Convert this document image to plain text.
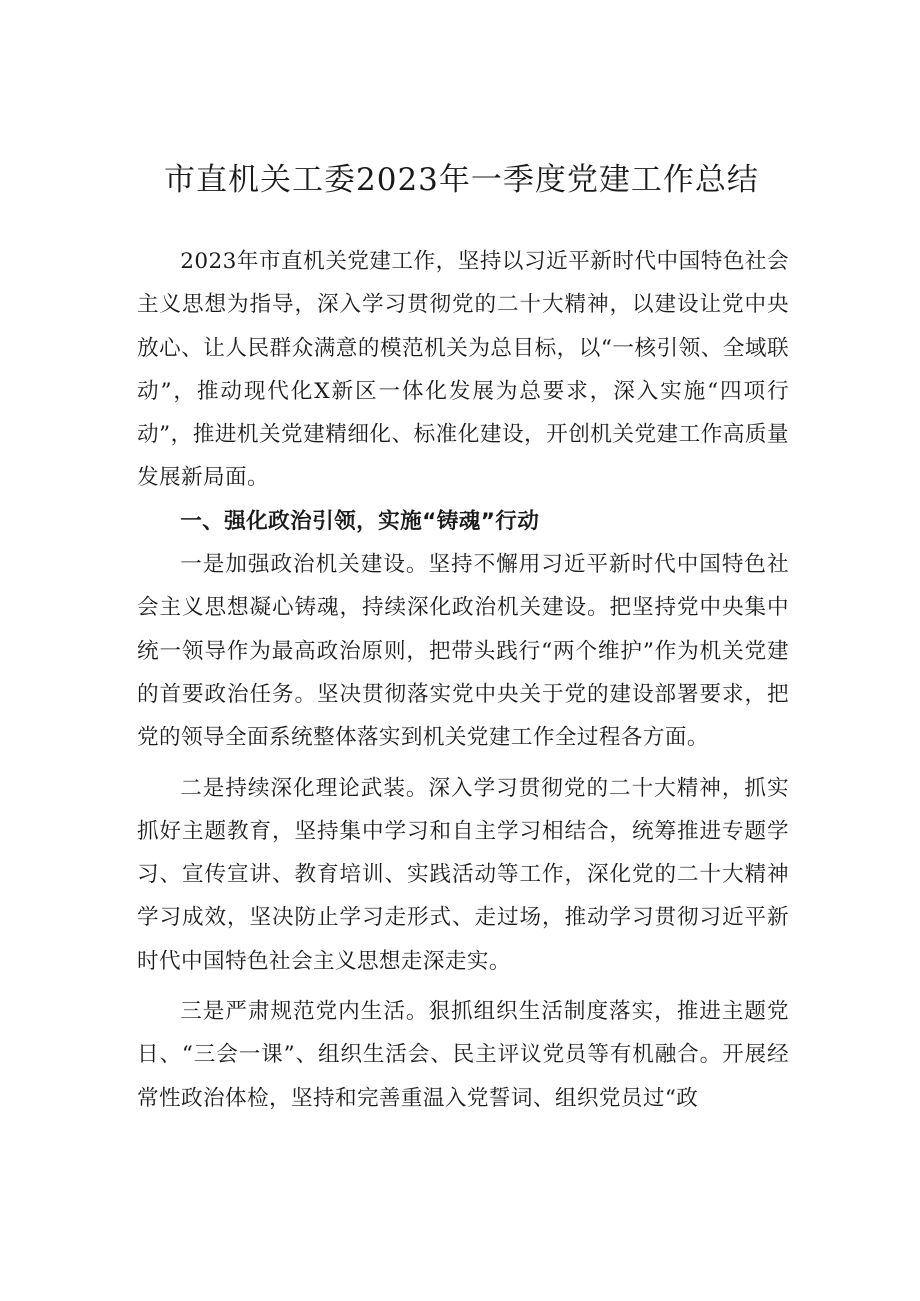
市直机关工委2023年一季度党建工作总结

2023年市直机关党建工作，坚持以习近平新时代中国特色社会主义思想为指导，深入学习贯彻党的二十大精神，以建设让党中央放心、让人民群众满意的模范机关为总目标，以“一核引领、全域联动”，推动现代化X新区一体化发展为总要求，深入实施“四项行动”，推进机关党建精细化、标准化建设，开创机关党建工作高质量发展新局面。

一、强化政治引领，实施“铸魂”行动

一是加强政治机关建设。坚持不懈用习近平新时代中国特色社会主义思想凝心铸魂，持续深化政治机关建设。把坚持党中央集中统一领导作为最高政治原则，把带头践行“两个维护”作为机关党建的首要政治任务。坚决贯彻落实党中央关于党的建设部署要求，把党的领导全面系统整体落实到机关党建工作全过程各方面。

二是持续深化理论武装。深入学习贯彻党的二十大精神，抓实抓好主题教育，坚持集中学习和自主学习相结合，统筹推进专题学习、宣传宣讲、教育培训、实践活动等工作，深化党的二十大精神学习成效，坚决防止学习走形式、走过场，推动学习贯彻习近平新时代中国特色社会主义思想走深走实。

三是严肃规范党内生活。狠抓组织生活制度落实，推进主题党日、“三会一课”、组织生活会、民主评议党员等有机融合。开展经常性政治体检，坚持和完善重温入党誓词、组织党员过“政
